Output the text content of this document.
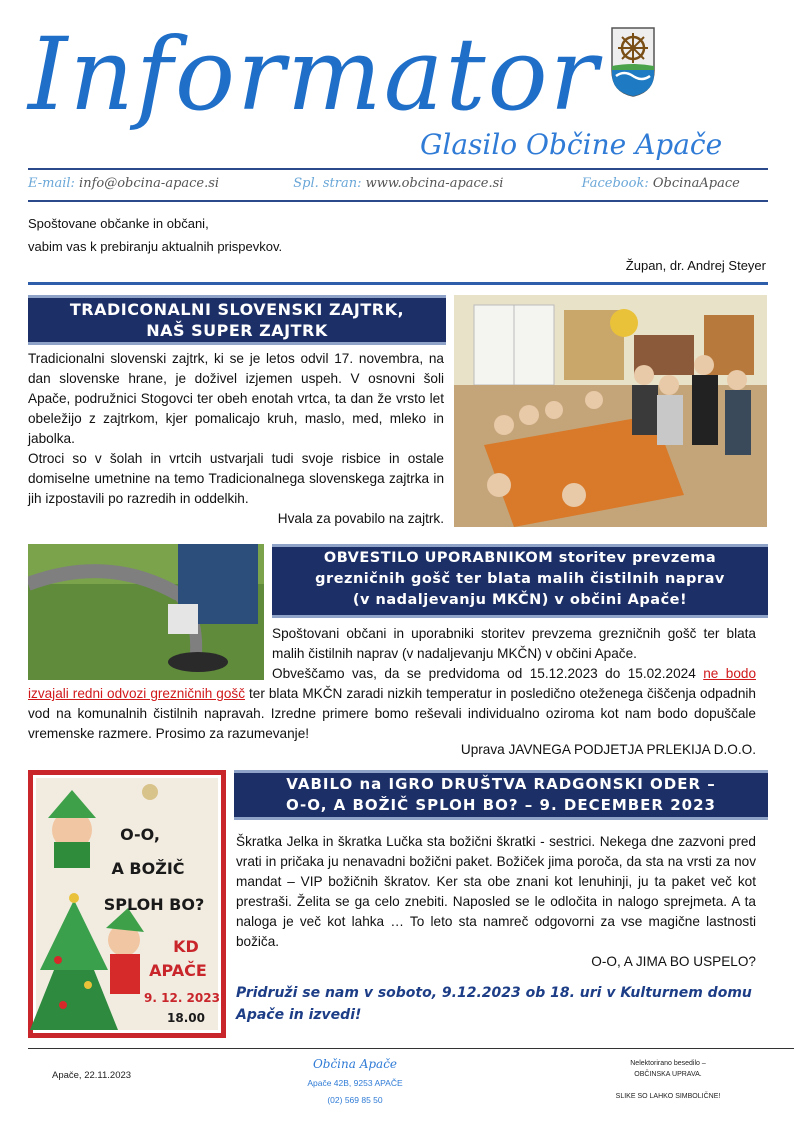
Informator
Glasilo Občine Apače
E-mail: info@obcina-apace.si	Spl. stran: www.obcina-apace.si	Facebook: ObcinaApace
Spoštovane občanke in občani,
vabim vas k prebiranju aktualnih prispevkov.
Župan, dr. Andrej Steyer
TRADICONALNI SLOVENSKI ZAJTRK,
NAŠ SUPER ZAJTRK

Tradicionalni slovenski zajtrk, ki se je letos odvil 17. novembra, na dan slovenske hrane, je doživel izjemen uspeh. V osnovni šoli Apače, podružnici Stogovci ter obeh enotah vrtca, ta dan že vrsto let obeležijo z zajtrkom, kjer pomalicajo kruh, maslo, med, mleko in jabolka.

Otroci so v šolah in vrtcih ustvarjali tudi svoje risbice in ostale domiselne umetnine na temo Tradicionalnega slovenskega zajtrka in jih izpostavili po razredih in oddelkih.

Hvala za povabilo na zajtrk.

OBVESTILO UPORABNIKOM storitev prevzema
grezničnih gošč ter blata malih čistilnih naprav
(v nadaljevanju MKČN) v občini Apače!

Spoštovani občani in uporabniki storitev prevzema grezničnih gošč ter blata malih čistilnih naprav (v nadaljevanju MKČN) v občini Apače.

Obveščamo vas, da se predvidoma od 15.12.2023 do 15.02.2024 ne bodo izvajali redni odvozi grezničnih gošč ter blata MKČN zaradi nizkih temperatur in posledično oteženega čiščenja odpadnih vod na komunalnih čistilnih napravah. Izredne primere bomo reševali individualno oziroma kot nam bodo dopuščale vremenske razmere. Prosimo za razumevanje!

Uprava JAVNEGA PODJETJA PRLEKIJA D.O.O.
O-O,
A BOŽIČ
SPLOH BO?
KD
APAČE
9. 12. 2023
18.00
VABILO na IGRO DRUŠTVA RADGONSKI ODER –
O-O, A BOŽIČ SPLOH BO? – 9. DECEMBER 2023

Škratka Jelka in škratka Lučka sta božični škratki - sestrici. Nekega dne zazvoni pred vrati in pričaka ju nenavadni božični paket. Božiček jima poroča, da sta na vrsti za nov mandat – VIP božičnih škratov. Ker sta obe znani kot lenuhinji, ju ta paket več kot prestraši. Želita se ga celo znebiti. Naposled se le odločita in nalogo sprejmeta. A ta naloga je več kot lahka … To leto sta namreč odgovorni za vse magične lastnosti božiča.

O-O, A JIMA BO USPELO?

Pridruži se nam v soboto, 9.12.2023 ob 18. uri v Kulturnem domu Apače in izvedi!
Apače, 22.11.2023
Občina Apače
Apače 42B, 9253 APAČE
(02) 569 85 50
Nelektorirano besedilo –
OBČINSKA UPRAVA.
SLIKE SO LAHKO SIMBOLIČNE!
